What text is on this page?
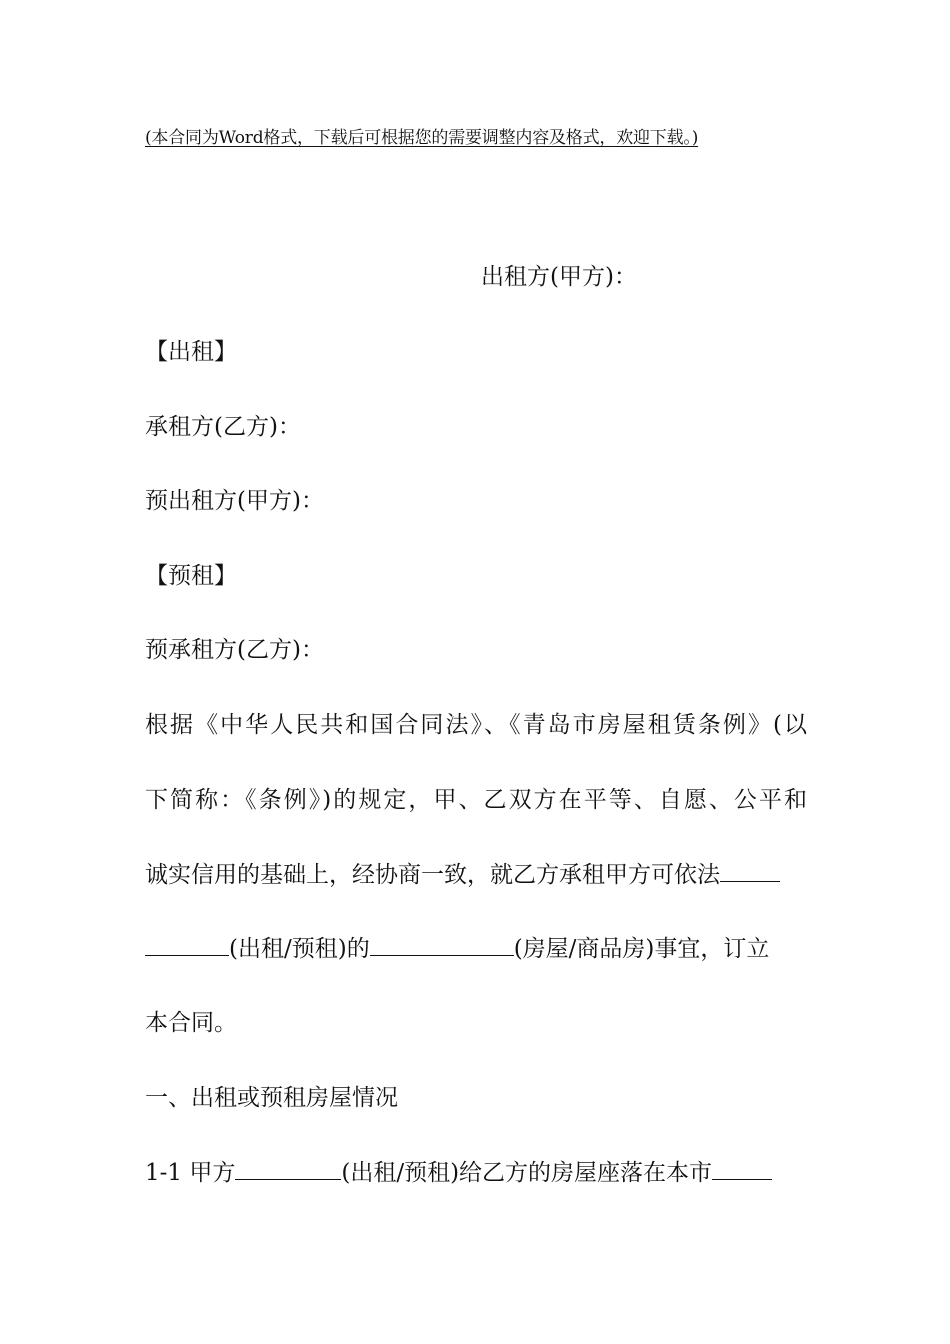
(本合同为Word格式，下载后可根据您的需要调整内容及格式，欢迎下载。)
出租方(甲方)：
【出租】
承租方(乙方)：
预出租方(甲方)：
【预租】
预承租方(乙方)：
根据《中华人民共和国合同法》、《青岛市房屋租赁条例》(以
下简称：《条例》)的规定，甲、乙双方在平等、自愿、公平和
诚实信用的基础上，经协商一致，就乙方承租甲方可依法
(出租/预租)的	(房屋/商品房)事宜，订立
本合同。
一、出租或预租房屋情况
1-1 甲方	(出租/预租)给乙方的房屋座落在本市
